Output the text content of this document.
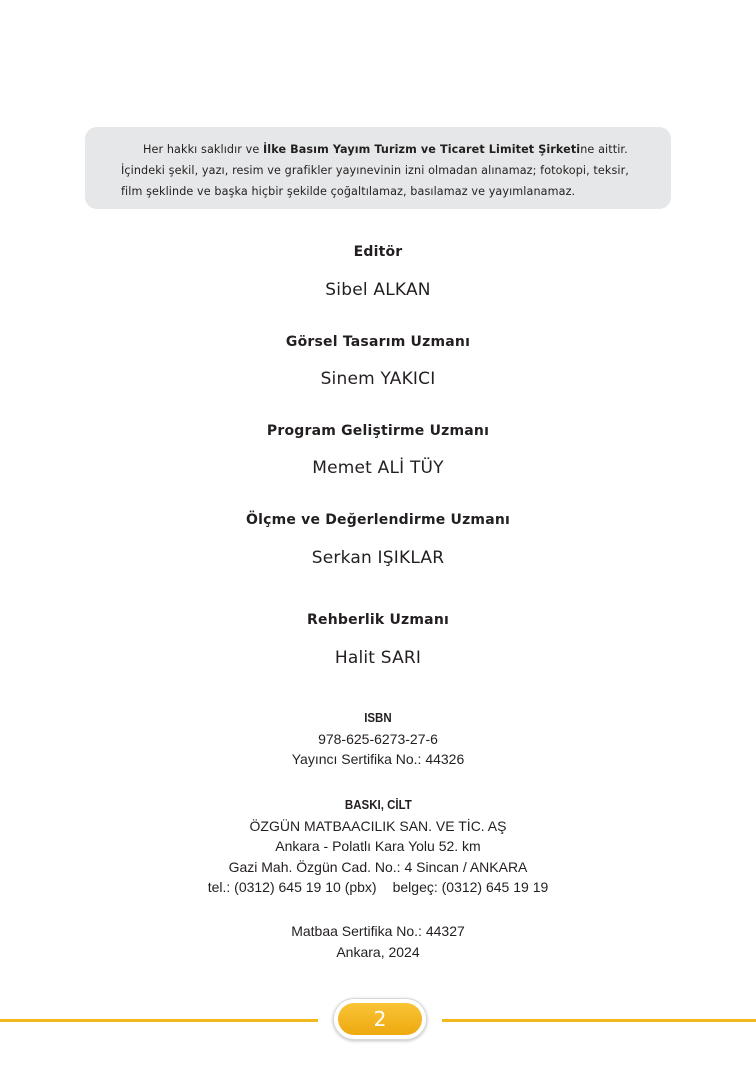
Her hakkı saklıdır ve İlke Basım Yayım Turizm ve Ticaret Limitet Şirketine aittir. İçindeki şekil, yazı, resim ve grafikler yayınevinin izni olmadan alınamaz; fotokopi, teksir, film şeklinde ve başka hiçbir şekilde çoğaltılamaz, basılamaz ve yayımlanamaz.

Editör
Sibel ALKAN
Görsel Tasarım Uzmanı
Sinem YAKICI
Program Geliştirme Uzmanı
Memet ALİ TÜY
Ölçme ve Değerlendirme Uzmanı
Serkan IŞIKLAR
Rehberlik Uzmanı
Halit SARI
ISBN
978-625-6273-27-6
Yayıncı Sertifika No.: 44326
BASKI, CİLT
ÖZGÜN MATBAACILIK SAN. VE TİC. AŞ
Ankara - Polatlı Kara Yolu 52. km
Gazi Mah. Özgün Cad. No.: 4 Sincan / ANKARA
tel.: (0312) 645 19 10 (pbx) belgeç: (0312) 645 19 19
Matbaa Sertifika No.: 44327
Ankara, 2024
2
